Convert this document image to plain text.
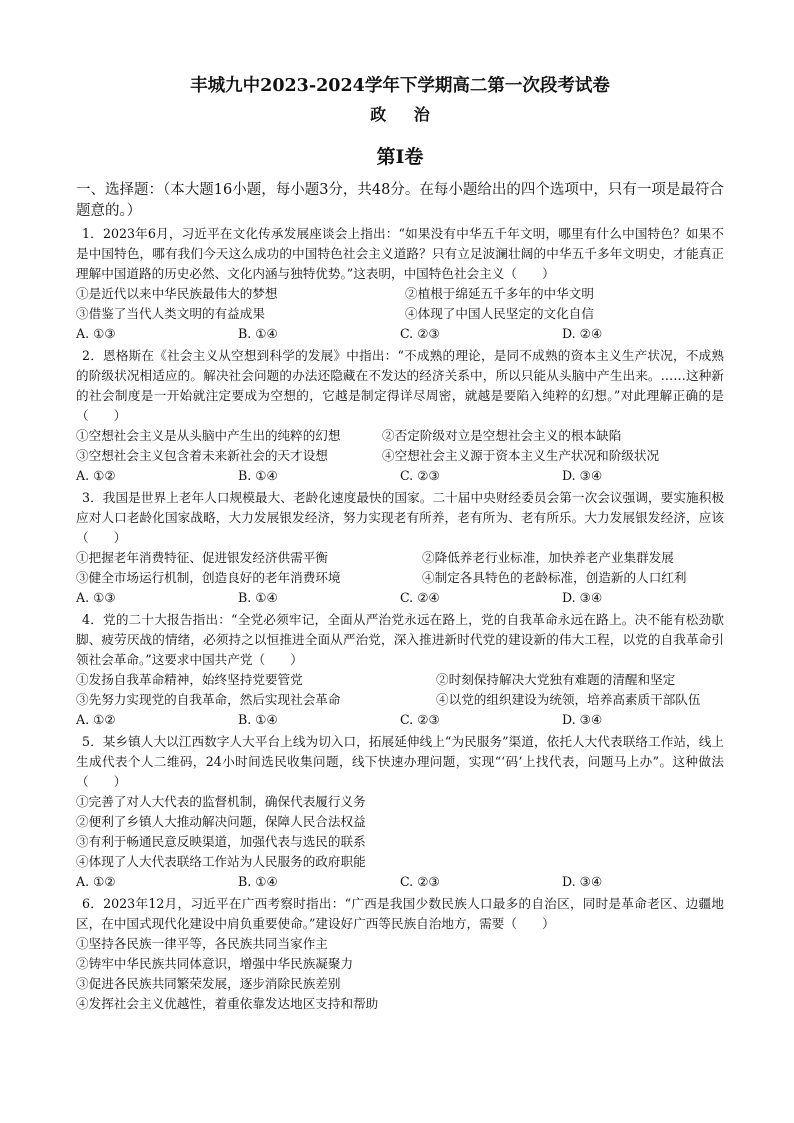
丰城九中2023-2024学年下学期高二第一次段考试卷
政 治
第Ⅰ卷

一、选择题：（本大题16小题，每小题3分，共48分。在每小题给出的四个选项中，只有一项是最符合题意的。）

1．2023年6月，习近平在文化传承发展座谈会上指出：“如果没有中华五千年文明，哪里有什么中国特色？如果不是中国特色，哪有我们今天这么成功的中国特色社会主义道路？只有立足波澜壮阔的中华五千多年文明史，才能真正理解中国道路的历史必然、文化内涵与独特优势。”这表明，中国特色社会主义（　　）

①是近代以来中华民族最伟大的梦想	②植根于绵延五千多年的中华文明
③借鉴了当代人类文明的有益成果	④体现了中国人民坚定的文化自信
A. ①③	B. ①④	C. ②③	D. ②④

2．恩格斯在《社会主义从空想到科学的发展》中指出：“不成熟的理论，是同不成熟的资本主义生产状况，不成熟的阶级状况相适应的。解决社会问题的办法还隐藏在不发达的经济关系中，所以只能从头脑中产生出来。……这种新的社会制度是一开始就注定要成为空想的，它越是制定得详尽周密，就越是要陷入纯粹的幻想。”对此理解正确的是（　　）

①空想社会主义是从头脑中产生出的纯粹的幻想	②否定阶级对立是空想社会主义的根本缺陷
③空想社会主义包含着未来新社会的天才设想	④空想社会主义源于资本主义生产状况和阶级状况
A. ①②	B. ①④	C. ②③	D. ③④

3．我国是世界上老年人口规模最大、老龄化速度最快的国家。二十届中央财经委员会第一次会议强调，要实施积极应对人口老龄化国家战略，大力发展银发经济，努力实现老有所养，老有所为、老有所乐。大力发展银发经济，应该（　　）

①把握老年消费特征、促进银发经济供需平衡	②降低养老行业标准，加快养老产业集群发展
③健全市场运行机制，创造良好的老年消费环境	④制定各具特色的老龄标准，创造新的人口红利
A. ①③	B. ①④	C. ②④	D. ③④

4．党的二十大报告指出：“全党必须牢记，全面从严治党永远在路上，党的自我革命永远在路上。决不能有松劲歇脚、疲劳厌战的情绪，必须持之以恒推进全面从严治党，深入推进新时代党的建设新的伟大工程，以党的自我革命引领社会革命。”这要求中国共产党（　　）

①发扬自我革命精神，始终坚持党要管党	②时刻保持解决大党独有难题的清醒和坚定
③先努力实现党的自我革命，然后实现社会革命	④以党的组织建设为统领，培养高素质干部队伍
A. ①②	B. ①④	C. ②③	D. ③④

5．某乡镇人大以江西数字人大平台上线为切入口，拓展延伸线上“为民服务”渠道，依托人大代表联络工作站，线上生成代表个人二维码，24小时间选民收集问题，线下快速办理问题，实现“‘码’上找代表，问题马上办”。这种做法（　　）

①完善了对人大代表的监督机制，确保代表履行义务
②便利了乡镇人大推动解决问题，保障人民合法权益
③有利于畅通民意反映渠道，加强代表与选民的联系
④体现了人大代表联络工作站为人民服务的政府职能
A. ①②	B. ①④	C. ②③	D. ③④

6．2023年12月，习近平在广西考察时指出：“广西是我国少数民族人口最多的自治区，同时是革命老区、边疆地区，在中国式现代化建设中肩负重要使命。”建设好广西等民族自治地方，需要（　　）

①坚持各民族一律平等，各民族共同当家作主
②铸牢中华民族共同体意识，增强中华民族凝聚力
③促进各民族共同繁荣发展，逐步消除民族差别
④发挥社会主义优越性，着重依靠发达地区支持和帮助
